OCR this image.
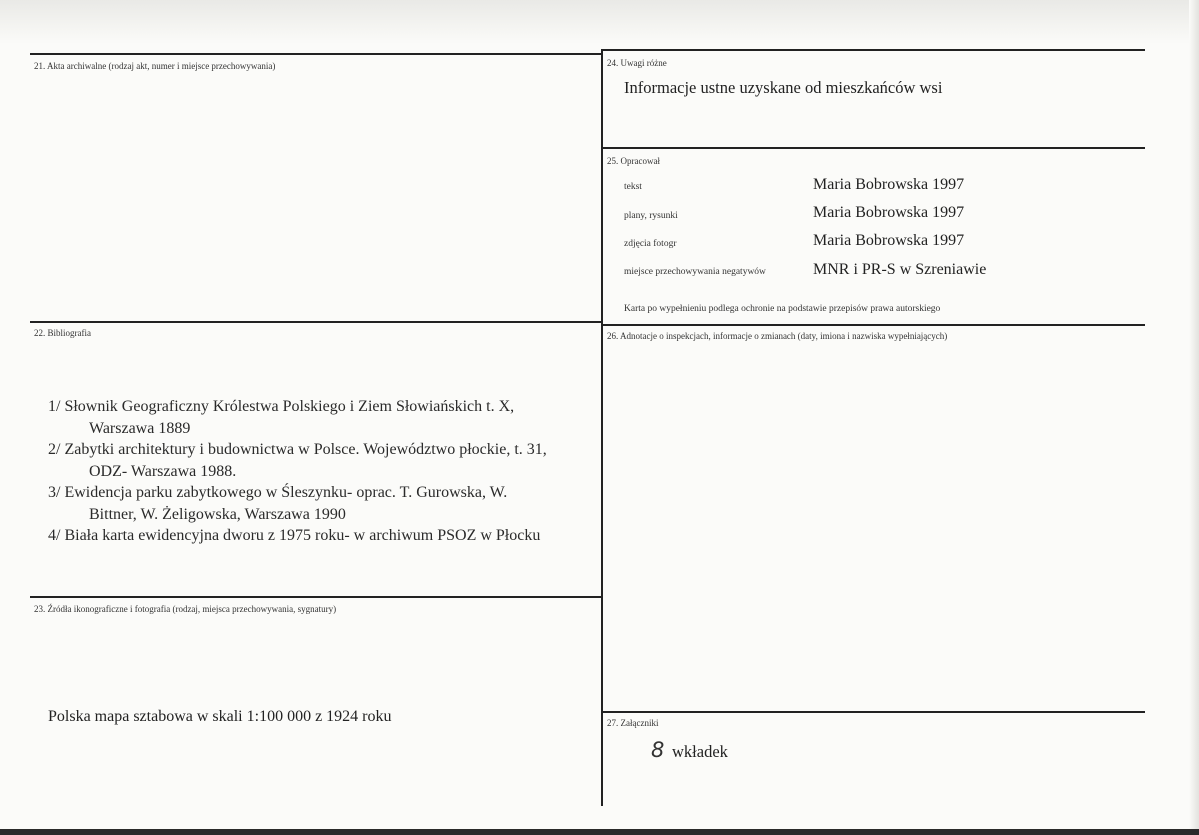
21. Akta archiwalne (rodzaj akt, numer i miejsce przechowywania)
22. Bibliografia
1/ Słownik Geograficzny Królestwa Polskiego i Ziem Słowiańskich t. X,
Warszawa 1889
2/ Zabytki architektury i budownictwa w Polsce. Województwo płockie, t. 31,
ODZ- Warszawa 1988.
3/ Ewidencja parku zabytkowego w Śleszynku- oprac. T. Gurowska, W.
Bittner, W. Żeligowska, Warszawa 1990
4/ Biała karta ewidencyjna dworu z 1975 roku- w archiwum PSOZ w Płocku
23. Źródła ikonograficzne i fotografia (rodzaj, miejsca przechowywania, sygnatury)
Polska mapa sztabowa w skali 1:100 000 z 1924 roku
24. Uwagi różne
Informacje ustne uzyskane od mieszkańców wsi
25. Opracował
tekst	Maria Bobrowska 1997
plany, rysunki	Maria Bobrowska 1997
zdjęcia fotogr	Maria Bobrowska 1997
miejsce przechowywania negatywów	MNR i PR-S w Szreniawie
Karta po wypełnieniu podlega ochronie na podstawie przepisów prawa autorskiego
26. Adnotacje o inspekcjach, informacje o zmianach (daty, imiona i nazwiska wypełniających)
27. Załączniki
8 wkładek
